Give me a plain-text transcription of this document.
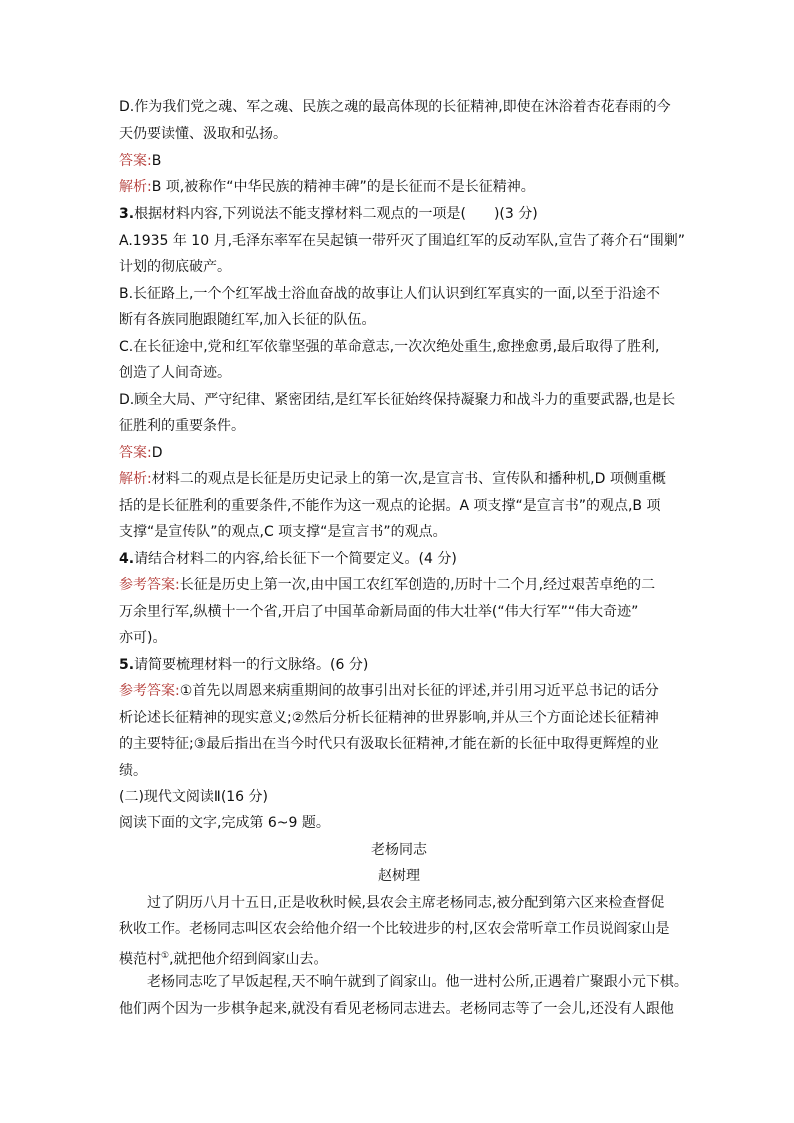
D.作为我们党之魂、军之魂、民族之魂的最高体现的长征精神,即使在沐浴着杏花春雨的今
天仍要读懂、汲取和弘扬。
答案:B
解析:B 项,被称作“中华民族的精神丰碑”的是长征而不是长征精神。
3.根据材料内容,下列说法不能支撑材料二观点的一项是(　　)(3 分)
A.1935 年 10 月,毛泽东率军在吴起镇一带歼灭了围追红军的反动军队,宣告了蒋介石“围剿”
计划的彻底破产。
B.长征路上,一个个红军战士浴血奋战的故事让人们认识到红军真实的一面,以至于沿途不
断有各族同胞跟随红军,加入长征的队伍。
C.在长征途中,党和红军依靠坚强的革命意志,一次次绝处重生,愈挫愈勇,最后取得了胜利,
创造了人间奇迹。
D.顾全大局、严守纪律、紧密团结,是红军长征始终保持凝聚力和战斗力的重要武器,也是长
征胜利的重要条件。
答案:D
解析:材料二的观点是长征是历史记录上的第一次,是宣言书、宣传队和播种机,D 项侧重概
括的是长征胜利的重要条件,不能作为这一观点的论据。A 项支撑“是宣言书”的观点,B 项
支撑“是宣传队”的观点,C 项支撑“是宣言书”的观点。
4.请结合材料二的内容,给长征下一个简要定义。(4 分)
参考答案:长征是历史上第一次,由中国工农红军创造的,历时十二个月,经过艰苦卓绝的二
万余里行军,纵横十一个省,开启了中国革命新局面的伟大壮举(“伟大行军”“伟大奇迹”
亦可)。
5.请简要梳理材料一的行文脉络。(6 分)
参考答案:①首先以周恩来病重期间的故事引出对长征的评述,并引用习近平总书记的话分
析论述长征精神的现实意义;②然后分析长征精神的世界影响,并从三个方面论述长征精神
的主要特征;③最后指出在当今时代只有汲取长征精神,才能在新的长征中取得更辉煌的业
绩。
(二)现代文阅读Ⅱ(16 分)
阅读下面的文字,完成第 6~9 题。
老杨同志
赵树理
过了阴历八月十五日,正是收秋时候,县农会主席老杨同志,被分配到第六区来检查督促
秋收工作。老杨同志叫区农会给他介绍一个比较进步的村,区农会常听章工作员说阎家山是
模范村①,就把他介绍到阎家山去。
老杨同志吃了早饭起程,天不晌午就到了阎家山。他一进村公所,正遇着广聚跟小元下棋。
他们两个因为一步棋争起来,就没有看见老杨同志进去。老杨同志等了一会儿,还没有人跟他
